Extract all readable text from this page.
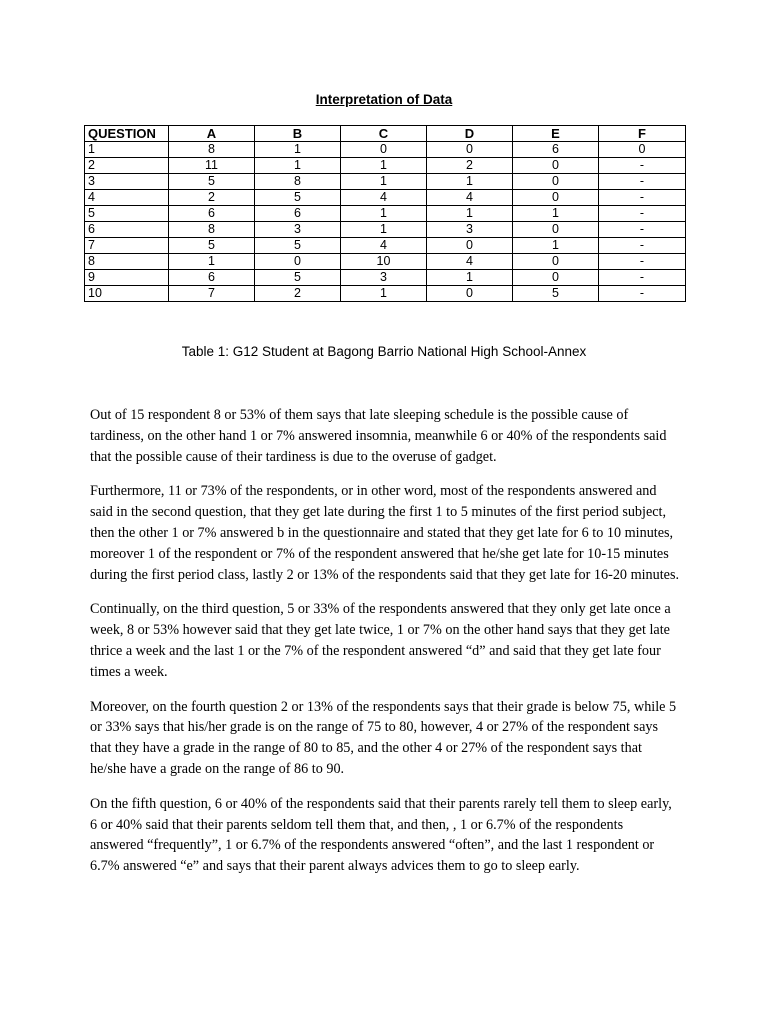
Interpretation of Data
QUESTION	A	B	C	D	E	F
1	8	1	0	0	6	0
2	11	1	1	2	0	-
3	5	8	1	1	0	-
4	2	5	4	4	0	-
5	6	6	1	1	1	-
6	8	3	1	3	0	-
7	5	5	4	0	1	-
8	1	0	10	4	0	-
9	6	5	3	1	0	-
10	7	2	1	0	5	-
Table 1: G12 Student at Bagong Barrio National High School-Annex

Out of 15 respondent 8 or 53% of them says that late sleeping schedule is the possible cause of tardiness, on the other hand 1 or 7% answered insomnia, meanwhile 6 or 40% of the respondents said that the possible cause of their tardiness is due to the overuse of gadget.

Furthermore, 11 or 73% of the respondents, or in other word, most of the respondents answered and said in the second question, that they get late during the first 1 to 5 minutes of the first period subject, then the other 1 or 7% answered b in the questionnaire and stated that they get late for 6 to 10 minutes, moreover 1 of the respondent or 7% of the respondent answered that he/she get late for 10-15 minutes during the first period class, lastly 2 or 13% of the respondents said that they get late for 16-20 minutes.

Continually, on the third question, 5 or 33% of the respondents answered that they only get late once a week, 8 or 53% however said that they get late twice, 1 or 7% on the other hand says that they get late thrice a week and the last 1 or the 7% of the respondent answered “d” and said that they get late four times a week.

Moreover, on the fourth question 2 or 13% of the respondents says that their grade is below 75, while 5 or 33% says that his/her grade is on the range of 75 to 80, however, 4 or 27% of the respondent says that they have a grade in the range of 80 to 85, and the other 4 or 27% of the respondent says that he/she have a grade on the range of 86 to 90.

On the fifth question, 6 or 40% of the respondents said that their parents rarely tell them to sleep early, 6 or 40% said that their parents seldom tell them that, and then, , 1 or 6.7% of the respondents answered “frequently”, 1 or 6.7% of the respondents answered “often”, and the last 1 respondent or 6.7% answered “e” and says that their parent always advices them to go to sleep early.
